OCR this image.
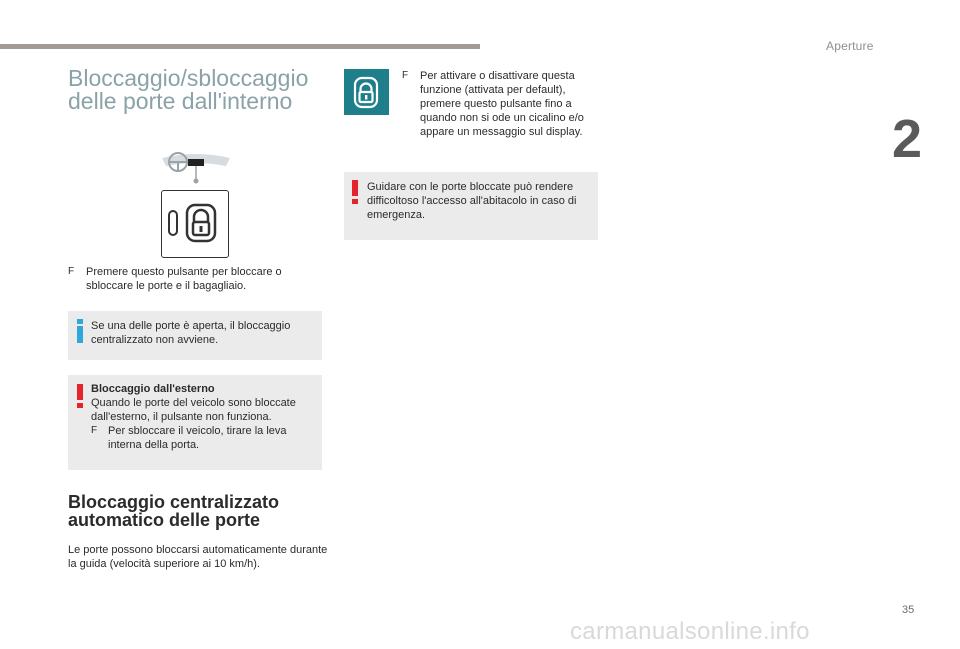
Aperture
2
Bloccaggio/sbloccaggio delle porte dall'interno
F	Premere questo pulsante per bloccare o sbloccare le porte e il bagagliaio.
Se una delle porte è aperta, il bloccaggio centralizzato non avviene.
Bloccaggio dall'esterno
Quando le porte del veicolo sono bloccate dall'esterno, il pulsante non funziona.
F Per sbloccare il veicolo, tirare la leva interna della porta.
Bloccaggio centralizzato automatico delle porte
Le porte possono bloccarsi automaticamente durante la guida (velocità superiore ai 10 km/h).
F	Per attivare o disattivare questa funzione (attivata per default), premere questo pulsante fino a quando non si ode un cicalino e/o appare un messaggio sul display.
Guidare con le porte bloccate può rendere difficoltoso l'accesso all'abitacolo in caso di emergenza.
35
carmanualsonline.info
